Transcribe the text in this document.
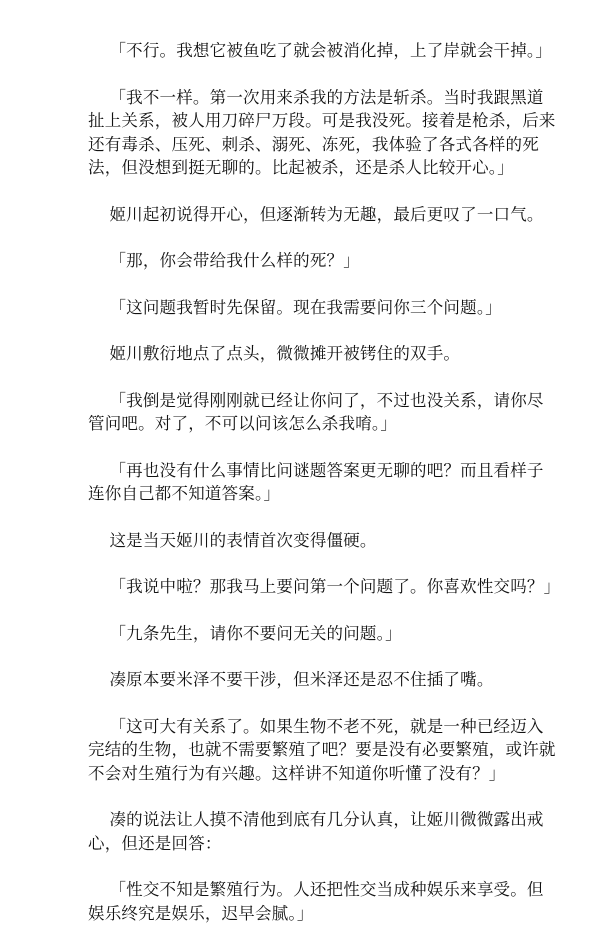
「不行。我想它被鱼吃了就会被消化掉，上了岸就会干掉。」

「我不一样。第一次用来杀我的方法是斩杀。当时我跟黑道扯上关系，被人用刀碎尸万段。可是我没死。接着是枪杀，后来还有毒杀、压死、刺杀、溺死、冻死，我体验了各式各样的死法，但没想到挺无聊的。比起被杀，还是杀人比较开心。」

姬川起初说得开心，但逐渐转为无趣，最后更叹了一口气。

「那，你会带给我什么样的死？」

「这问题我暂时先保留。现在我需要问你三个问题。」

姬川敷衍地点了点头，微微摊开被铐住的双手。

「我倒是觉得刚刚就已经让你问了，不过也没关系，请你尽管问吧。对了，不可以问该怎么杀我唷。」

「再也没有什么事情比问谜题答案更无聊的吧？而且看样子连你自己都不知道答案。」

这是当天姬川的表情首次变得僵硬。

「我说中啦？那我马上要问第一个问题了。你喜欢性交吗？」

「九条先生，请你不要问无关的问题。」

凑原本要米泽不要干涉，但米泽还是忍不住插了嘴。

「这可大有关系了。如果生物不老不死，就是一种已经迈入完结的生物，也就不需要繁殖了吧？要是没有必要繁殖，或许就不会对生殖行为有兴趣。这样讲不知道你听懂了没有？」

凑的说法让人摸不清他到底有几分认真，让姬川微微露出戒心，但还是回答：

「性交不知是繁殖行为。人还把性交当成种娱乐来享受。但娱乐终究是娱乐，迟早会腻。」
